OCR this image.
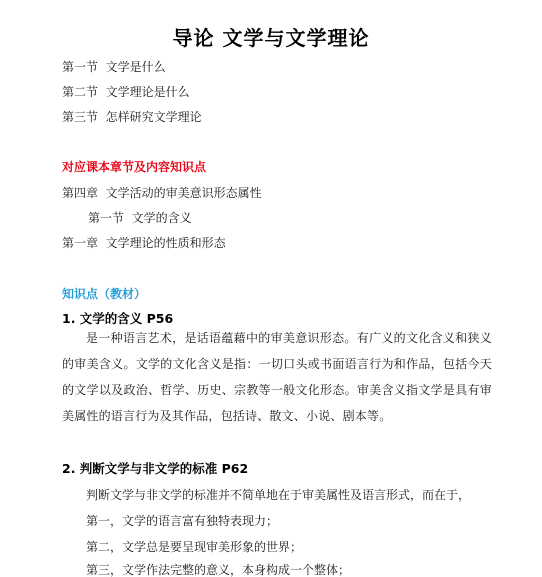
导论 文学与文学理论
第一节 文学是什么
第二节 文学理论是什么
第三节 怎样研究文学理论
对应课本章节及内容知识点
第四章 文学活动的审美意识形态属性
第一节 文学的含义
第一章 文学理论的性质和形态
知识点（教材）
1. 文学的含义 P56
是一种语言艺术，是话语蕴藉中的审美意识形态。有广义的文化含义和狭义的审美含义。文学的文化含义是指：一切口头或书面语言行为和作品，包括今天的文学以及政治、哲学、历史、宗教等一般文化形态。审美含义指文学是具有审美属性的语言行为及其作品，包括诗、散文、小说、剧本等。
2. 判断文学与非文学的标准 P62
判断文学与非文学的标准并不简单地在于审美属性及语言形式，而在于，
第一，文学的语言富有独特表现力；
第二，文学总是要呈现审美形象的世界；
第三，文学作法完整的意义，本身构成一个整体；
